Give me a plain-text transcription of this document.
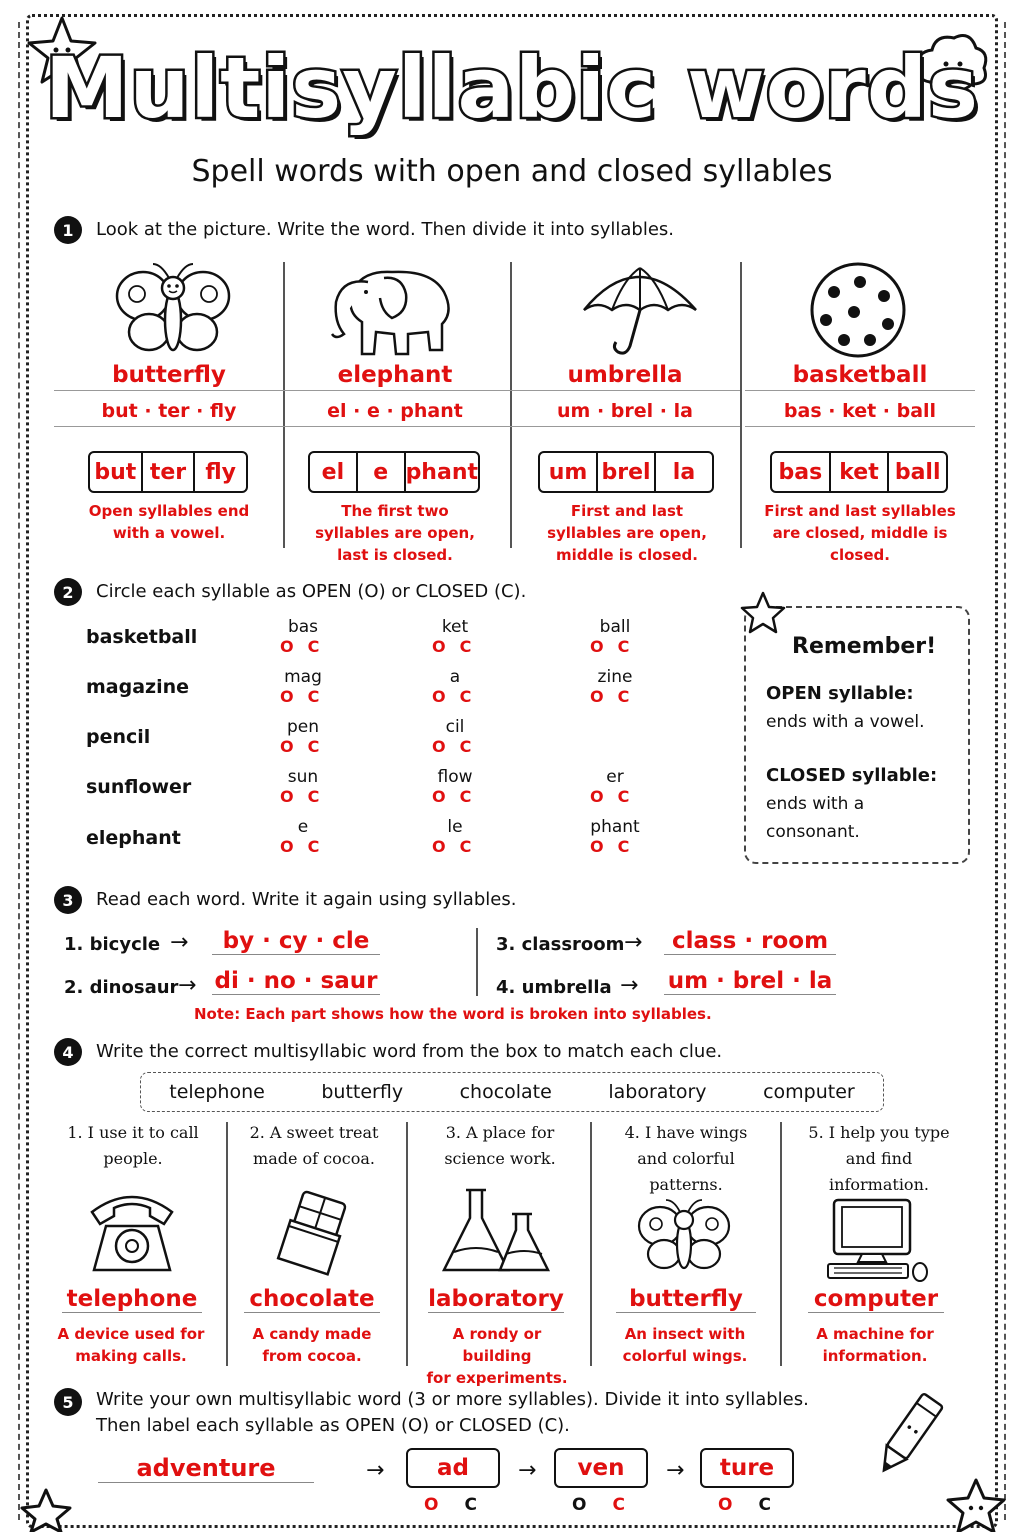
Multisyllabic words
Spell words with open and closed syllables
1	Look at the picture. Write the word. Then divide it into syllables.
butterfly
but · ter · fly
but ter fly
Open syllables end with a vowel.
elephant
el · e · phant
el	e phant
The first two syllables are open, last is closed.
umbrella
um · brel · la
um brel	la
First and last syllables are open, middle is closed.
basketball
bas · ket · ball
bas ket ball
First and last syllables are closed, middle is closed.
2	Circle each syllable as OPEN (O) or CLOSED (C).
basketball	bas
OC
ket
OC
ball
OC
magazine	mag
OC
a
OC
zine
OC
pencil	pen
OC
cil
OC
sunflower	sun
OC
flow
OC
er
OC
elephant	e
OC
le
OC
phant
OC
Remember!
OPEN syllable:
ends with a vowel.
CLOSED syllable:
ends with a
consonant.
3	Read each word. Write it again using syllables.
1. bicycle →	by · cy · cle
2. dinosaur → di · no · saur
3. classroom →	class · room
4. umbrella → um · brel · la
Note: Each part shows how the word is broken into syllables.
4	Write the correct multisyllabic word from the box to match each clue.
telephone	butterfly	chocolate	laboratory	computer
1. I use it to call
people.
telephone
A device used for
making calls.
2. A sweet treat
made of cocoa.
chocolate
A candy made
from cocoa.
3. A place for
science work.
laboratory
A rondy or building
for experiments.
4. I have wings
and colorful
patterns.
butterfly
An insect with
colorful wings.
5. I help you type
and find
information.
computer
A machine for
information.
5	Write your own multisyllabic word (3 or more syllables). Divide it into syllables.
Then label each syllable as OPEN (O) or CLOSED (C).
adventure	→	ad	→	ven	→	ture
OC	OC	OC
